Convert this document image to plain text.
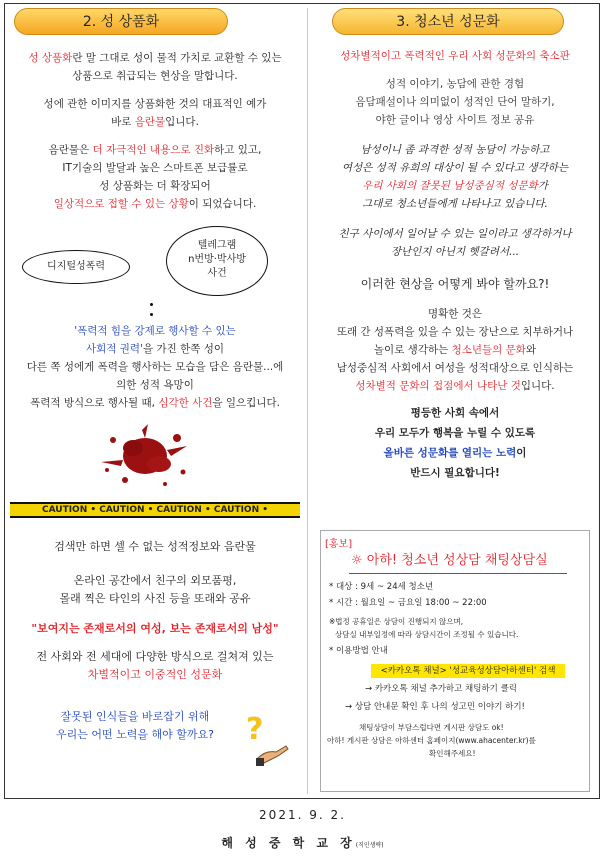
2. 성 상품화

성 상품화란 말 그대로 성이 물적 가치로 교환할 수 있는
상품으로 취급되는 현상을 말합니다.

성에 관한 이미지를 상품화한 것의 대표적인 예가
바로 음란물입니다.

음란물은 더 자극적인 내용으로 진화하고 있고,
IT기술의 발달과 높은 스마트폰 보급률로
성 상품화는 더 확장되어
일상적으로 접할 수 있는 상황이 되었습니다.

디지털성폭력
텔레그램
n번방·박사방
사건

'폭력적 힘을 강제로 행사할 수 있는
사회적 권력'을 가진 한쪽 성이
다른 쪽 성에게 폭력을 행사하는 모습을 담은 음란물...에
의한 성적 욕망이
폭력적 방식으로 행사될 때, 심각한 사건을 일으킵니다.

CAUTION • CAUTION • CAUTION • CAUTION •

검색만 하면 셀 수 없는 성적정보와 음란물

온라인 공간에서 친구의 외모품평,
몰래 찍은 타인의 사진 등을 또래와 공유

"보여지는 존재로서의 여성, 보는 존재로서의 남성"

전 사회와 전 세대에 다양한 방식으로 걸쳐져 있는
차별적이고 이중적인 성문화

잘못된 인식들을 바로잡기 위해
우리는 어떤 노력을 해야 할까요?	?
3. 청소년 성문화

성차별적이고 폭력적인 우리 사회 성문화의 축소판

성적 이야기, 농담에 관한 경험
음담패설이나 의미없이 성적인 단어 말하기,
야한 글이나 영상 사이트 정보 공유

남성이니 좀 과격한 성적 농담이 가능하고
여성은 성적 유희의 대상이 될 수 있다고 생각하는
우리 사회의 잘못된 남성중심적 성문화가
그대로 청소년들에게 나타나고 있습니다.

친구 사이에서 일어날 수 있는 일이라고 생각하거나
장난인지 아닌지 헷갈려서...

이러한 현상을 어떻게 봐야 할까요?!

명확한 것은
또래 간 성폭력을 있을 수 있는 장난으로 치부하거나
놀이로 생각하는 청소년들의 문화와
남성중심적 사회에서 여성을 성적대상으로 인식하는
성차별적 문화의 접점에서 나타난 것입니다.

평등한 사회 속에서
우리 모두가 행복을 누릴 수 있도록
올바른 성문화를 열리는 노력이
반드시 필요합니다!

[홍보]
☼ 아하! 청소년 성상담 채팅상담실
* 대상 : 9세 ~ 24세 청소년
* 시간 : 월요일 ~ 금요일 18:00 ~ 22:00
※법정 공휴일은 상담이 진행되지 않으며,
상담실 내부일정에 따라 상담시간이 조정될 수 있습니다.
* 이용방법 안내
<카카오톡 채널> '성교육성상담아하센터' 검색
→ 카카오톡 채널 추가하고 채팅하기 클릭
→ 상담 안내문 확인 후 나의 성고민 이야기 하기!
채팅상담이 부담스럽다면 게시판 상담도 ok!
아하! 게시판 상담은 아하센터 홈페이지(www.ahacenter.kr)를
확인해주세요!
2021. 9. 2.
해 성 중 학 교 장(직인생략)
